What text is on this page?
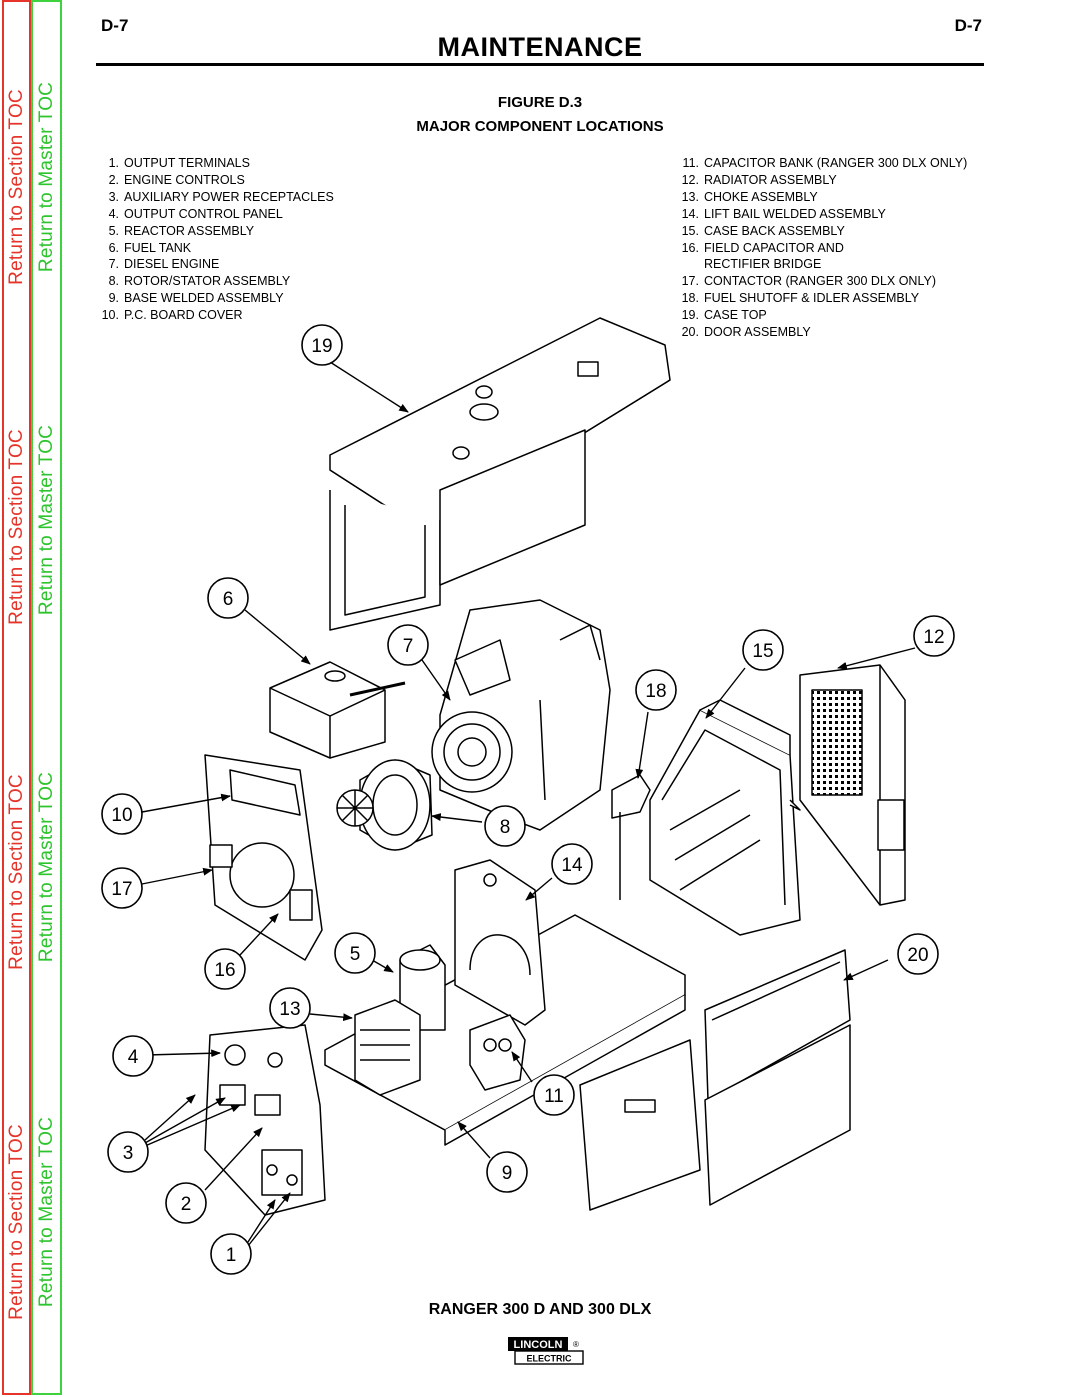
Return to Section TOC
Return to Section TOC
Return to Section TOC
Return to Section TOC
Return to Master TOC
Return to Master TOC
Return to Master TOC
Return to Master TOC
D-7	D-7
MAINTENANCE
FIGURE D.3
MAJOR COMPONENT LOCATIONS
1. OUTPUT TERMINALS
2. ENGINE CONTROLS
3. AUXILIARY POWER RECEPTACLES
4. OUTPUT CONTROL PANEL
5. REACTOR ASSEMBLY
6. FUEL TANK
7. DIESEL ENGINE
8. ROTOR/STATOR ASSEMBLY
9. BASE WELDED ASSEMBLY
10. P.C. BOARD COVER
11. CAPACITOR BANK (RANGER 300 DLX ONLY)
12. RADIATOR ASSEMBLY
13. CHOKE ASSEMBLY
14. LIFT BAIL WELDED ASSEMBLY
15. CASE BACK ASSEMBLY
16. FIELD CAPACITOR AND
RECTIFIER BRIDGE
17. CONTACTOR (RANGER 300 DLX ONLY)
18. FUEL SHUTOFF & IDLER ASSEMBLY
19. CASE TOP
20. DOOR ASSEMBLY
19
6
7	15
12
18
10
8
14
17
5	20
16
13
4
11
3
9
2
1
RANGER 300 D AND 300 DLX
LINCOLN ®
ELECTRIC
